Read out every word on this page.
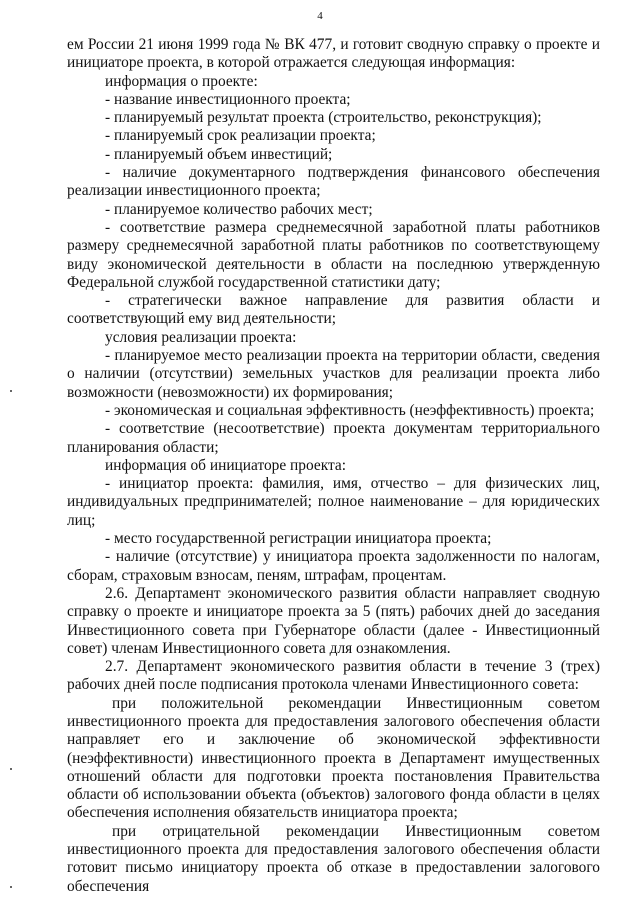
4

ем России 21 июня 1999 года № ВК 477, и готовит сводную справку о проекте и инициаторе проекта, в которой отражается следующая информация:

информация о проекте:

- название инвестиционного проекта;

- планируемый результат проекта (строительство, реконструкция);

- планируемый срок реализации проекта;

- планируемый объем инвестиций;

- наличие документарного подтверждения финансового обеспечения реализации инвестиционного проекта;

- планируемое количество рабочих мест;

- соответствие размера среднемесячной заработной платы работников размеру среднемесячной заработной платы работников по соответствующему виду экономической деятельности в области на последнюю утвержденную Федеральной службой государственной статистики дату;

- стратегически важное направление для развития области и соответствующий ему вид деятельности;

условия реализации проекта:

- планируемое место реализации проекта на территории области, сведения о наличии (отсутствии) земельных участков для реализации проекта либо возможности (невозможности) их формирования;

- экономическая и социальная эффективность (неэффективность) проекта;

- соответствие (несоответствие) проекта документам территориального планирования области;

информация об инициаторе проекта:

- инициатор проекта: фамилия, имя, отчество – для физических лиц, индивидуальных предпринимателей; полное наименование – для юридических лиц;

- место государственной регистрации инициатора проекта;

- наличие (отсутствие) у инициатора проекта задолженности по налогам, сборам, страховым взносам, пеням, штрафам, процентам.

2.6. Департамент экономического развития области направляет сводную справку о проекте и инициаторе проекта за 5 (пять) рабочих дней до заседания Инвестиционного совета при Губернаторе области (далее - Инвестиционный совет) членам Инвестиционного совета для ознакомления.

2.7. Департамент экономического развития области в течение 3 (трех) рабочих дней после подписания протокола членами Инвестиционного совета:

при положительной рекомендации Инвестиционным советом инвестиционного проекта для предоставления залогового обеспечения области направляет его и заключение об экономической эффективности (неэффективности) инвестиционного проекта в Департамент имущественных отношений области для подготовки проекта постановления Правительства области об использовании объекта (объектов) залогового фонда области в целях обеспечения исполнения обязательств инициатора проекта;

при отрицательной рекомендации Инвестиционным советом инвестиционного проекта для предоставления залогового обеспечения области готовит письмо инициатору проекта об отказе в предоставлении залогового обеспечения
